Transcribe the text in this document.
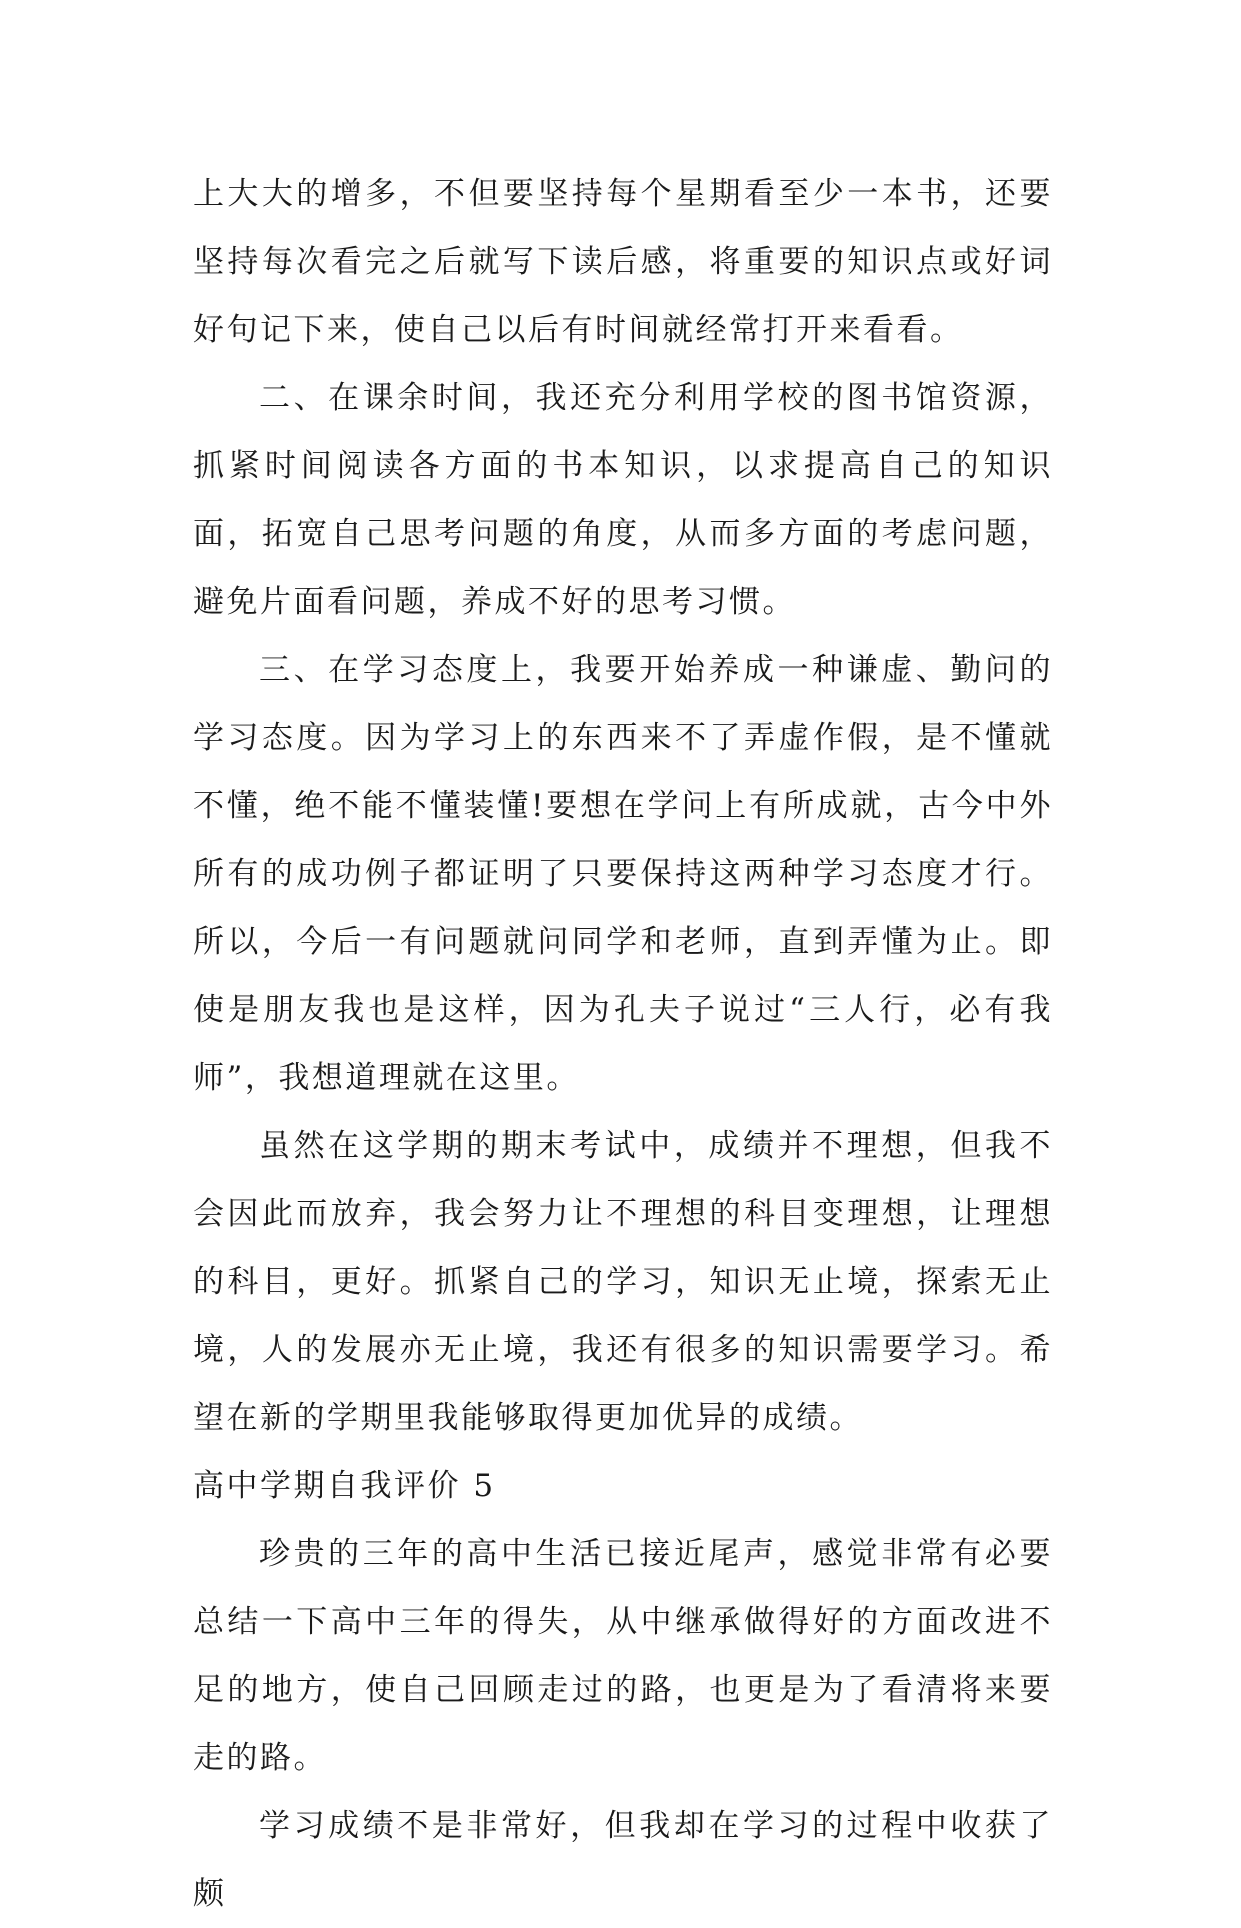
上大大的增多，不但要坚持每个星期看至少一本书，还要坚持每次看完之后就写下读后感，将重要的知识点或好词好句记下来，使自己以后有时间就经常打开来看看。

二、在课余时间，我还充分利用学校的图书馆资源，抓紧时间阅读各方面的书本知识，以求提高自己的知识面，拓宽自己思考问题的角度，从而多方面的考虑问题，避免片面看问题，养成不好的思考习惯。

三、在学习态度上，我要开始养成一种谦虚、勤问的学习态度。因为学习上的东西来不了弄虚作假，是不懂就不懂，绝不能不懂装懂!要想在学问上有所成就，古今中外所有的成功例子都证明了只要保持这两种学习态度才行。所以，今后一有问题就问同学和老师，直到弄懂为止。即使是朋友我也是这样，因为孔夫子说过“三人行，必有我师”，我想道理就在这里。

虽然在这学期的期末考试中，成绩并不理想，但我不会因此而放弃，我会努力让不理想的科目变理想，让理想的科目，更好。抓紧自己的学习，知识无止境，探索无止境，人的发展亦无止境，我还有很多的知识需要学习。希望在新的学期里我能够取得更加优异的成绩。

高中学期自我评价 5

珍贵的三年的高中生活已接近尾声，感觉非常有必要总结一下高中三年的得失，从中继承做得好的方面改进不足的地方，使自己回顾走过的路，也更是为了看清将来要走的路。

学习成绩不是非常好，但我却在学习的过程中收获了颇
